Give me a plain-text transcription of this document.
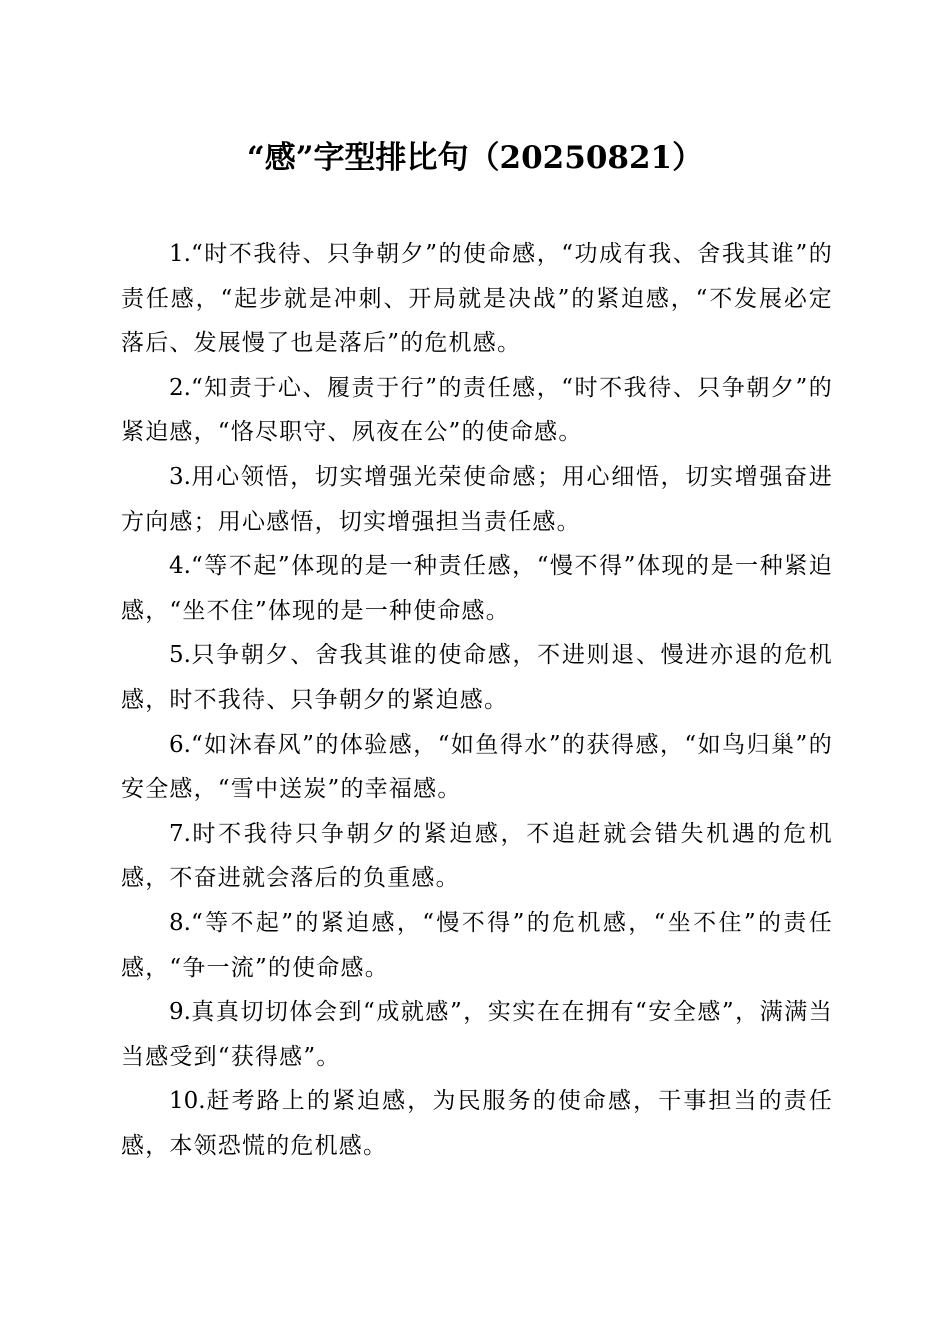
“感”字型排比句（20250821）

1.“时不我待、只争朝夕”的使命感，“功成有我、舍我其谁”的责任感，“起步就是冲刺、开局就是决战”的紧迫感，“不发展必定落后、发展慢了也是落后”的危机感。

2.“知责于心、履责于行”的责任感，“时不我待、只争朝夕”的紧迫感，“恪尽职守、夙夜在公”的使命感。

3.用心领悟，切实增强光荣使命感；用心细悟，切实增强奋进方向感；用心感悟，切实增强担当责任感。

4.“等不起”体现的是一种责任感，“慢不得”体现的是一种紧迫感，“坐不住”体现的是一种使命感。

5.只争朝夕、舍我其谁的使命感，不进则退、慢进亦退的危机感，时不我待、只争朝夕的紧迫感。

6.“如沐春风”的体验感，“如鱼得水”的获得感，“如鸟归巢”的安全感，“雪中送炭”的幸福感。

7.时不我待只争朝夕的紧迫感，不追赶就会错失机遇的危机感，不奋进就会落后的负重感。

8.“等不起”的紧迫感，“慢不得”的危机感，“坐不住”的责任感，“争一流”的使命感。

9.真真切切体会到“成就感”，实实在在拥有“安全感”，满满当当感受到“获得感”。

10.赶考路上的紧迫感，为民服务的使命感，干事担当的责任感，本领恐慌的危机感。
